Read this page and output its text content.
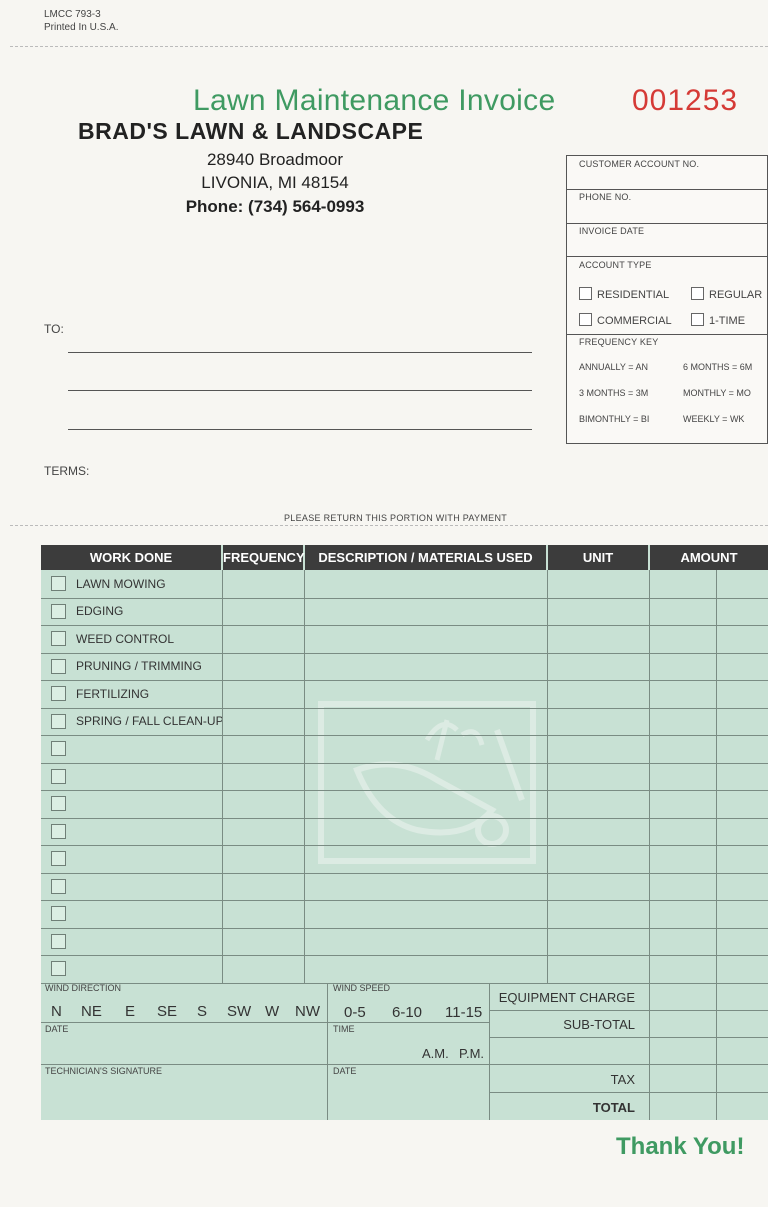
LMCC 793-3
Printed In U.S.A.
Lawn Maintenance Invoice	001253
BRAD'S LAWN & LANDSCAPE
28940 Broadmoor
LIVONIA, MI 48154
Phone: (734) 564-0993
TO:
TERMS:
CUSTOMER ACCOUNT NO.
PHONE NO.
INVOICE DATE
ACCOUNT TYPE
RESIDENTIAL	REGULAR
COMMERCIAL	1-TIME
FREQUENCY KEY
ANNUALLY = AN	6 MONTHS = 6M
3 MONTHS = 3M	MONTHLY = MO
BIMONTHLY = BI	WEEKLY = WK
PLEASE RETURN THIS PORTION WITH PAYMENT
WORK DONE	FREQUENCY	DESCRIPTION / MATERIALS USED	UNIT	AMOUNT
LAWN MOWING
EDGING
WEED CONTROL
PRUNING / TRIMMING
FERTILIZING
SPRING / FALL CLEAN-UP
WIND DIRECTION
N NE E SE S SW W NW
WIND SPEED
0-5 6-10 11-15
DATE	TIME
A.M. P.M.
TECHNICIAN'S SIGNATURE	DATE
EQUIPMENT CHARGE
SUB-TOTAL
TAX
TOTAL
Thank You!
